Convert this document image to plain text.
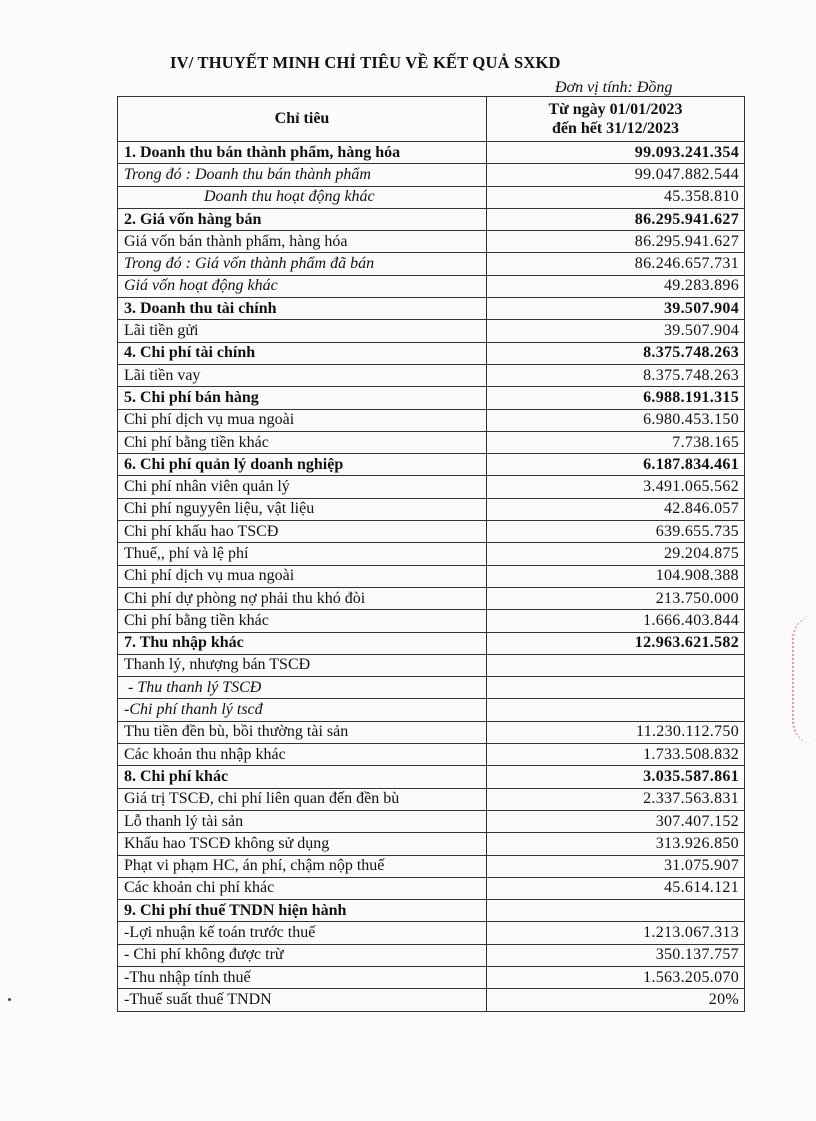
IV/ THUYẾT MINH CHỈ TIÊU VỀ KẾT QUẢ SXKD
Đơn vị tính: Đồng
Chỉ tiêu	Từ ngày 01/01/2023
đến hết 31/12/2023

1. Doanh thu bán thành phẩm, hàng hóa	99.093.241.354
Trong đó : Doanh thu bán thành phẩm	99.047.882.544
Doanh thu hoạt động khác	45.358.810
2. Giá vốn hàng bán	86.295.941.627
Giá vốn bán thành phẩm, hàng hóa	86.295.941.627
Trong đó : Giá vốn thành phẩm đã bán	86.246.657.731
Giá vốn hoạt động khác	49.283.896
3. Doanh thu tài chính	39.507.904
Lãi tiền gửi	39.507.904
4. Chi phí tài chính	8.375.748.263
Lãi tiền vay	8.375.748.263
5. Chi phí bán hàng	6.988.191.315
Chi phí dịch vụ mua ngoài	6.980.453.150
Chi phí bằng tiền khác	7.738.165
6. Chi phí quản lý doanh nghiệp	6.187.834.461
Chi phí nhân viên quản lý	3.491.065.562
Chi phí nguyyên liệu, vật liệu	42.846.057
Chi phí khấu hao TSCĐ	639.655.735
Thuế,, phí và lệ phí	29.204.875
Chi phí dịch vụ mua ngoài	104.908.388
Chi phí dự phòng nợ phải thu khó đòi	213.750.000
Chi phí bằng tiền khác	1.666.403.844
7. Thu nhập khác	12.963.621.582
Thanh lý, nhượng bán TSCĐ	
- Thu thanh lý TSCĐ	
-Chi phí thanh lý tscđ	
Thu tiền đền bù, bồi thường tài sản	11.230.112.750
Các khoản thu nhập khác	1.733.508.832
8. Chi phí khác	3.035.587.861
Giá trị TSCĐ, chi phí liên quan đến đền bù	2.337.563.831
Lỗ thanh lý tài sản	307.407.152
Khấu hao TSCĐ không sử dụng	313.926.850
Phạt vi phạm HC, án phí, chậm nộp thuế	31.075.907
Các khoản chi phí khác	45.614.121
9. Chi phí thuế TNDN hiện hành	
-Lợi nhuận kế toán trước thuế	1.213.067.313
- Chi phí không được trừ	350.137.757
-Thu nhập tính thuế	1.563.205.070
-Thuế suất thuế TNDN	20%
